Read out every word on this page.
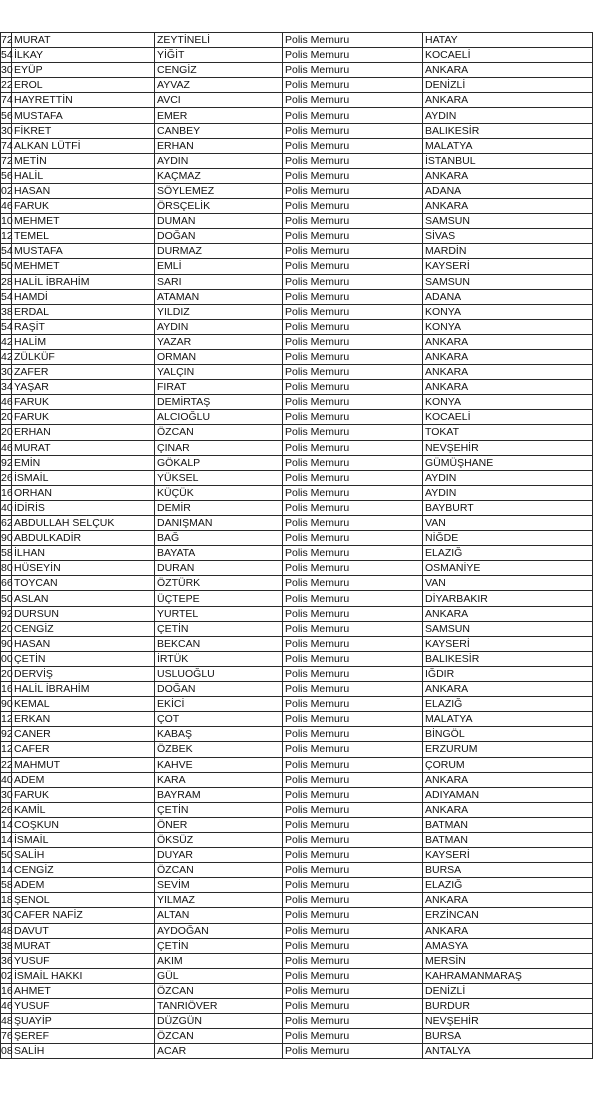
72	MURAT	ZEYTİNELİ	Polis Memuru	HATAY
54	İLKAY	YİĞİT	Polis Memuru	KOCAELİ
30	EYÜP	CENGİZ	Polis Memuru	ANKARA
22	EROL	AYVAZ	Polis Memuru	DENİZLİ
74	HAYRETTİN	AVCI	Polis Memuru	ANKARA
56	MUSTAFA	EMER	Polis Memuru	AYDIN
30	FİKRET	CANBEY	Polis Memuru	BALIKESİR
74	ALKAN LÜTFİ	ERHAN	Polis Memuru	MALATYA
72	METİN	AYDIN	Polis Memuru	İSTANBUL
56	HALİL	KAÇMAZ	Polis Memuru	ANKARA
02	HASAN	SÖYLEMEZ	Polis Memuru	ADANA
46	FARUK	ÖRSÇELİK	Polis Memuru	ANKARA
10	MEHMET	DUMAN	Polis Memuru	SAMSUN
12	TEMEL	DOĞAN	Polis Memuru	SİVAS
54	MUSTAFA	DURMAZ	Polis Memuru	MARDİN
50	MEHMET	EMLİ	Polis Memuru	KAYSERİ
28	HALİL İBRAHİM	SARI	Polis Memuru	SAMSUN
54	HAMDİ	ATAMAN	Polis Memuru	ADANA
38	ERDAL	YILDIZ	Polis Memuru	KONYA
54	RAŞİT	AYDIN	Polis Memuru	KONYA
42	HALİM	YAZAR	Polis Memuru	ANKARA
42	ZÜLKÜF	ORMAN	Polis Memuru	ANKARA
30	ZAFER	YALÇIN	Polis Memuru	ANKARA
34	YAŞAR	FIRAT	Polis Memuru	ANKARA
46	FARUK	DEMİRTAŞ	Polis Memuru	KONYA
20	FARUK	ALCIOĞLU	Polis Memuru	KOCAELİ
20	ERHAN	ÖZCAN	Polis Memuru	TOKAT
46	MURAT	ÇINAR	Polis Memuru	NEVŞEHİR
92	EMİN	GÖKALP	Polis Memuru	GÜMÜŞHANE
26	İSMAİL	YÜKSEL	Polis Memuru	AYDIN
16	ORHAN	KÜÇÜK	Polis Memuru	AYDIN
40	İDİRİS	DEMİR	Polis Memuru	BAYBURT
62	ABDULLAH SELÇUK	DANIŞMAN	Polis Memuru	VAN
90	ABDULKADİR	BAĞ	Polis Memuru	NİĞDE
58	İLHAN	BAYATA	Polis Memuru	ELAZIĞ
80	HÜSEYİN	DURAN	Polis Memuru	OSMANİYE
66	TOYCAN	ÖZTÜRK	Polis Memuru	VAN
50	ASLAN	ÜÇTEPE	Polis Memuru	DİYARBAKIR
92	DURSUN	YURTEL	Polis Memuru	ANKARA
20	CENGİZ	ÇETİN	Polis Memuru	SAMSUN
90	HASAN	BEKCAN	Polis Memuru	KAYSERİ
00	ÇETİN	İRTÜK	Polis Memuru	BALIKESİR
20	DERVİŞ	USLUOĞLU	Polis Memuru	IĞDIR
16	HALİL İBRAHİM	DOĞAN	Polis Memuru	ANKARA
90	KEMAL	EKİCİ	Polis Memuru	ELAZIĞ
12	ERKAN	ÇOT	Polis Memuru	MALATYA
92	CANER	KABAŞ	Polis Memuru	BİNGÖL
12	CAFER	ÖZBEK	Polis Memuru	ERZURUM
22	MAHMUT	KAHVE	Polis Memuru	ÇORUM
40	ADEM	KARA	Polis Memuru	ANKARA
30	FARUK	BAYRAM	Polis Memuru	ADIYAMAN
26	KAMİL	ÇETİN	Polis Memuru	ANKARA
14	COŞKUN	ÖNER	Polis Memuru	BATMAN
14	İSMAİL	ÖKSÜZ	Polis Memuru	BATMAN
50	SALİH	DUYAR	Polis Memuru	KAYSERİ
14	CENGİZ	ÖZCAN	Polis Memuru	BURSA
58	ADEM	SEVİM	Polis Memuru	ELAZIĞ
18	ŞENOL	YILMAZ	Polis Memuru	ANKARA
30	CAFER NAFİZ	ALTAN	Polis Memuru	ERZİNCAN
48	DAVUT	AYDOĞAN	Polis Memuru	ANKARA
38	MURAT	ÇETİN	Polis Memuru	AMASYA
36	YUSUF	AKIM	Polis Memuru	MERSİN
02	İSMAİL HAKKI	GÜL	Polis Memuru	KAHRAMANMARAŞ
16	AHMET	ÖZCAN	Polis Memuru	DENİZLİ
46	YUSUF	TANRIÖVER	Polis Memuru	BURDUR
48	ŞUAYİP	DÜZGÜN	Polis Memuru	NEVŞEHİR
76	ŞEREF	ÖZCAN	Polis Memuru	BURSA
08	SALİH	ACAR	Polis Memuru	ANTALYA
